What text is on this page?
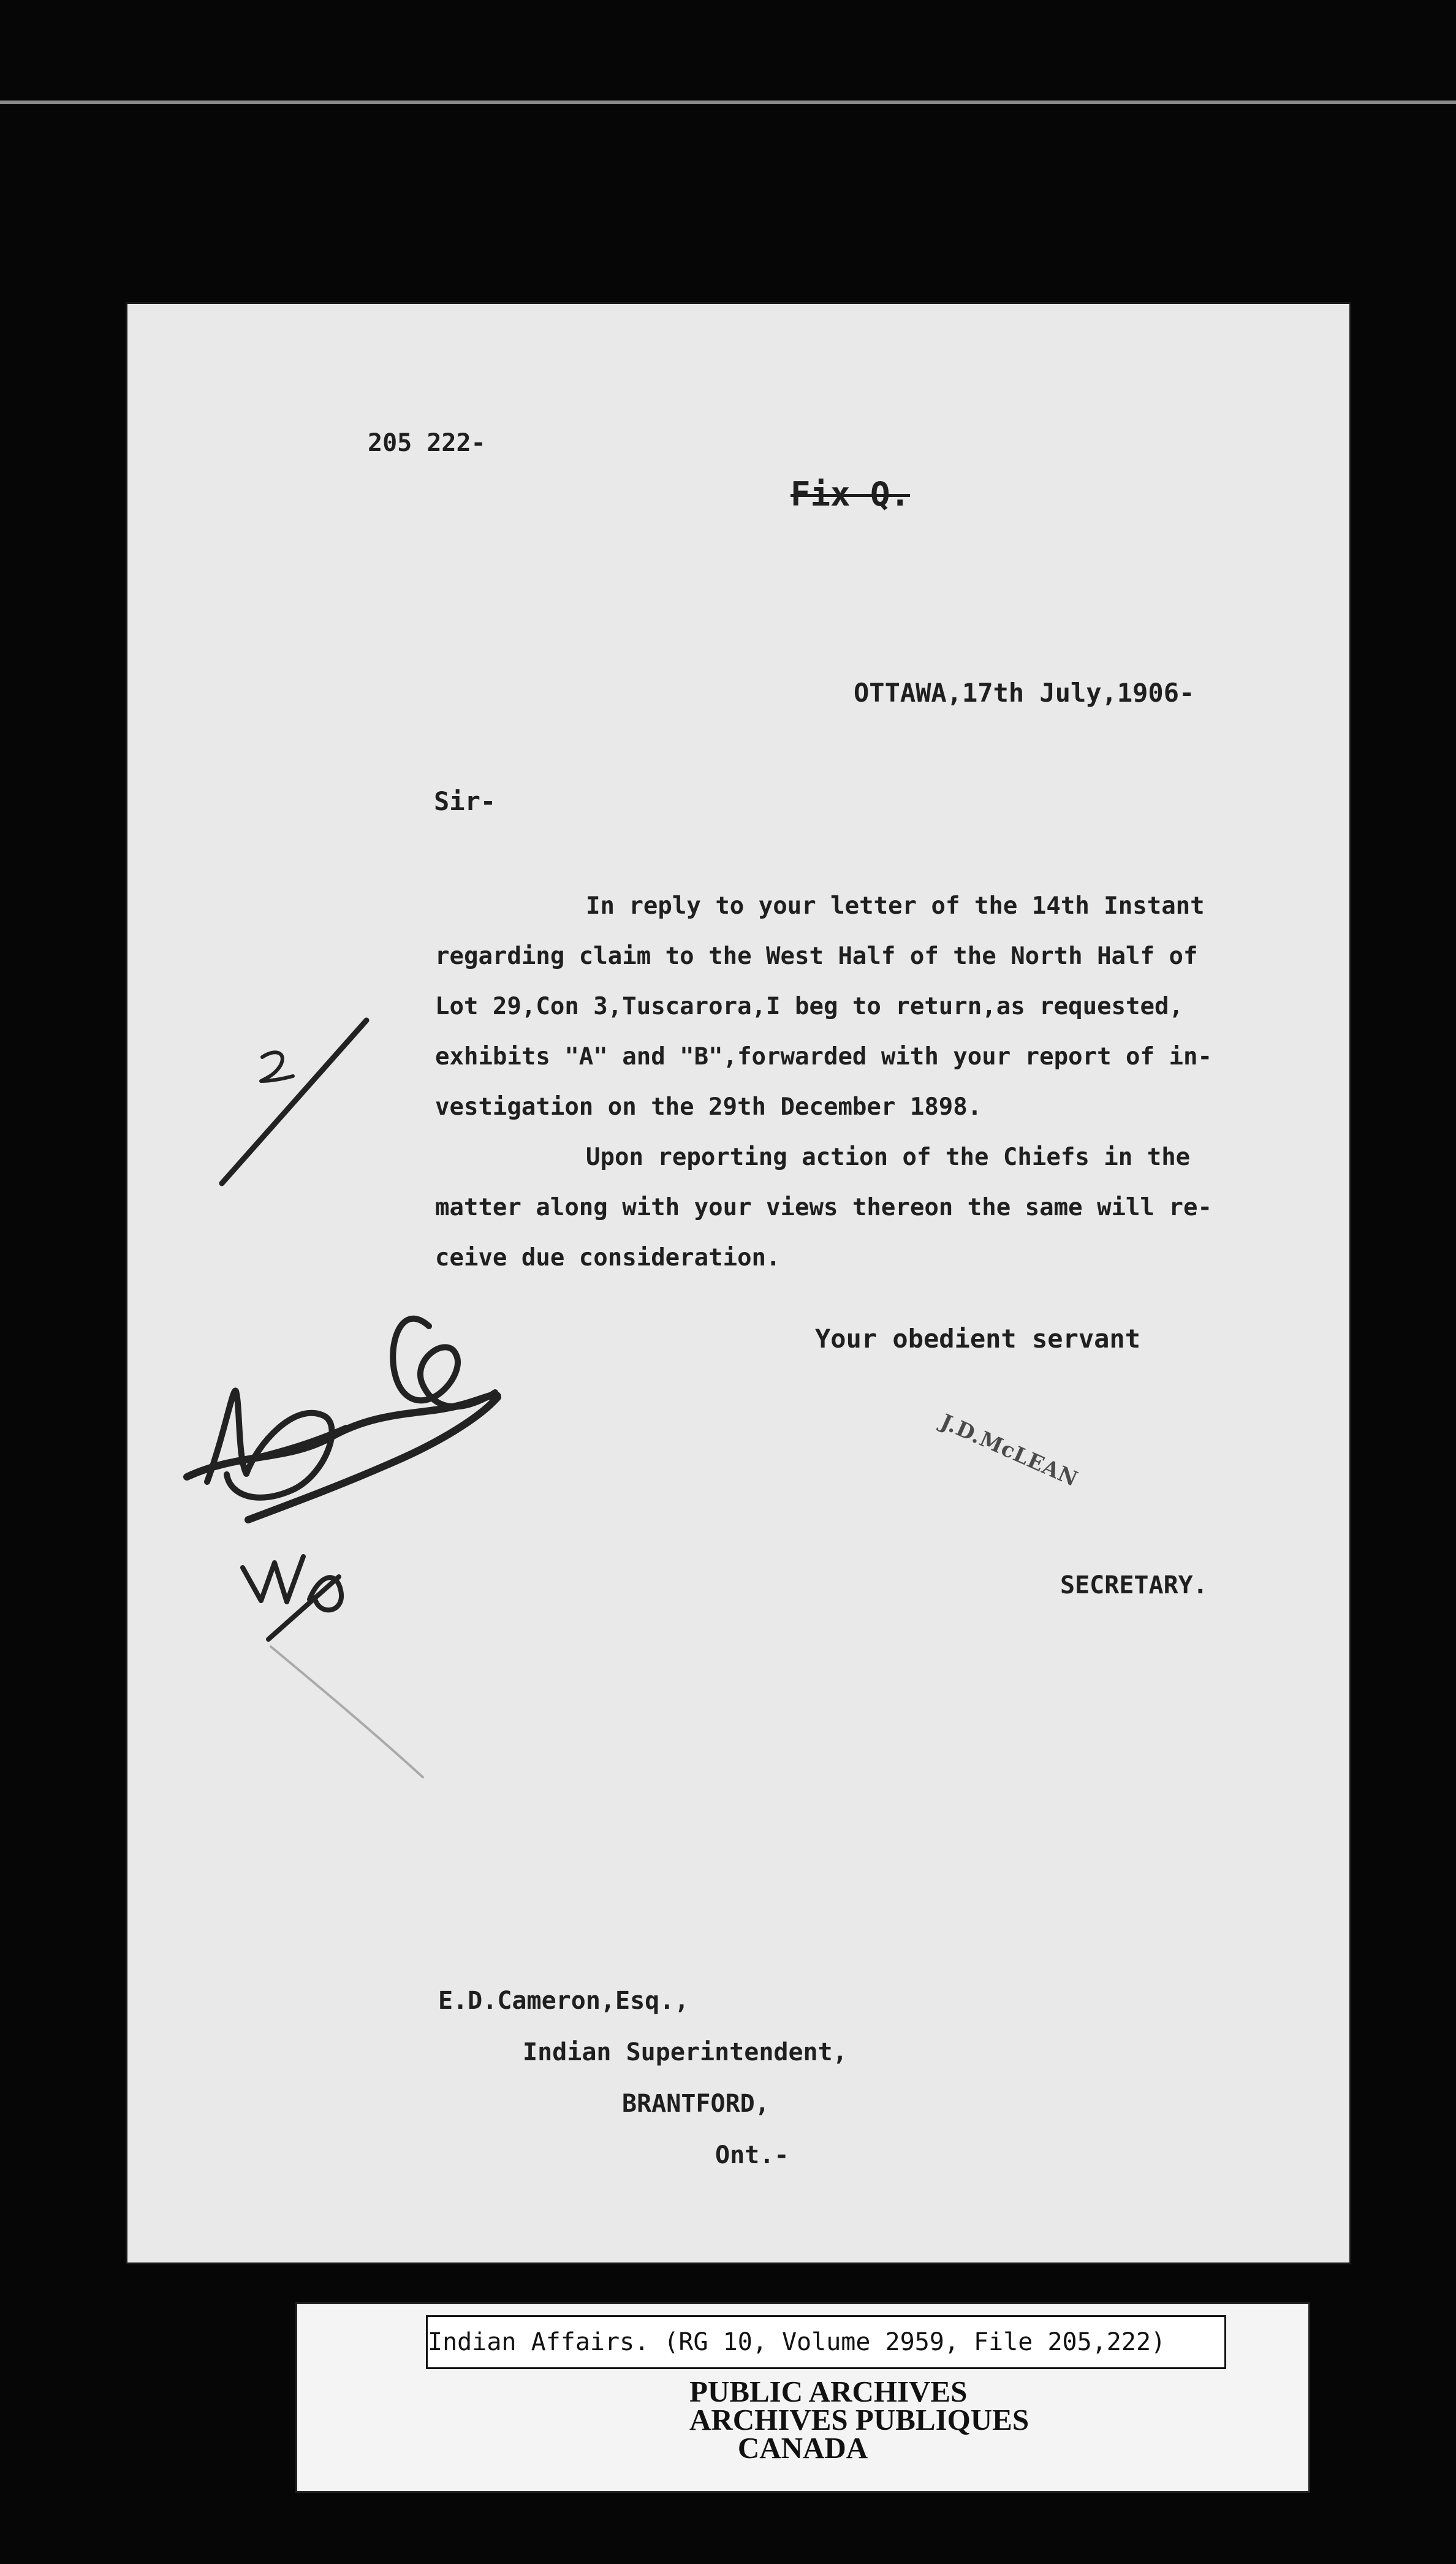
205 222-
Fix Q.
OTTAWA,17th July,1906-
Sir-

In reply to your letter of the 14th Instant

regarding claim to the West Half of the North Half of

Lot 29,Con 3,Tuscarora,I beg to return,as requested,

exhibits "A" and "B",forwarded with your report of in-

vestigation on the 29th December 1898.

Upon reporting action of the Chiefs in the

matter along with your views thereon the same will re-

ceive due consideration.

Your obedient servant
J.D.McLEAN
SECRETARY.
E.D.Cameron,Esq.,
Indian Superintendent,
BRANTFORD,
Ont.-
Indian Affairs. (RG 10, Volume 2959, File 205,222)
PUBLIC ARCHIVES
ARCHIVES PUBLIQUES
CANADA
